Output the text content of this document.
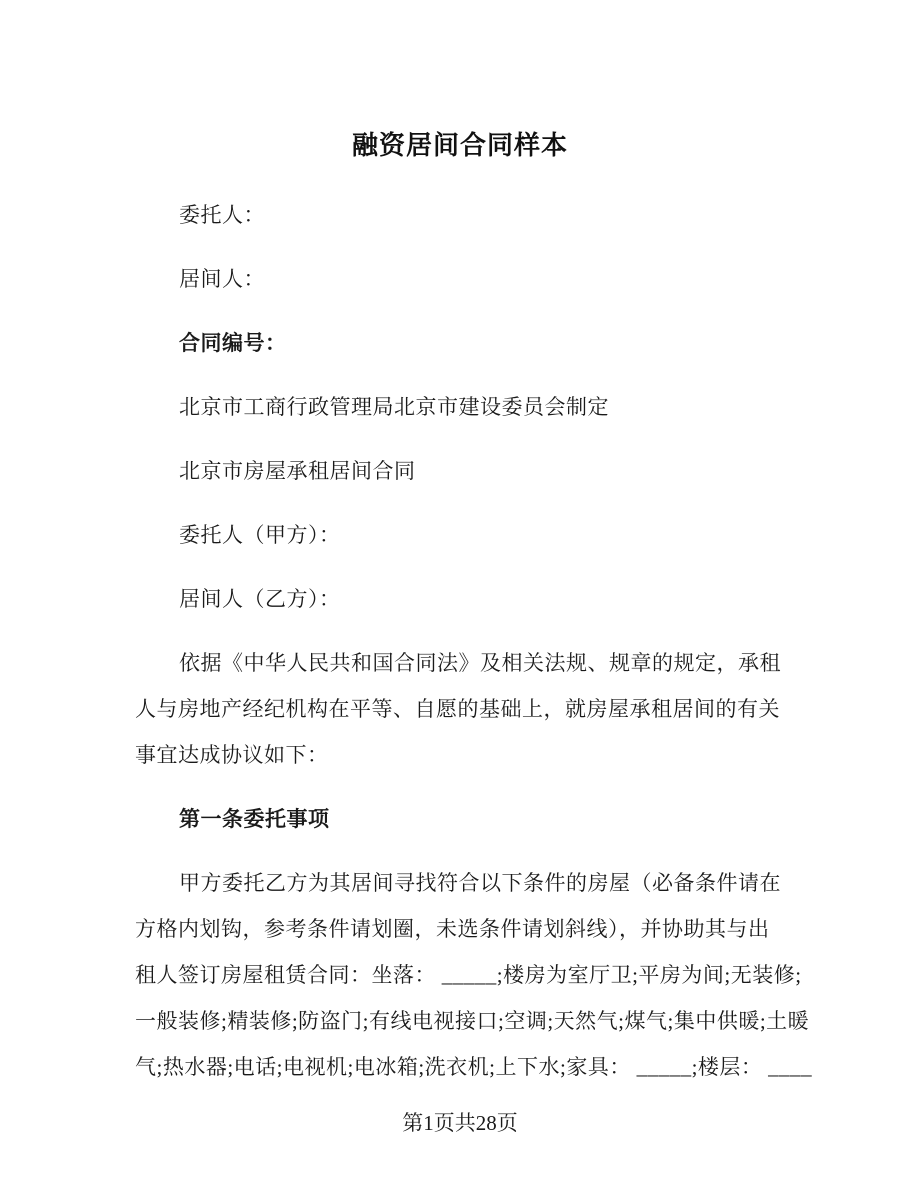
融资居间合同样本
委托人：
居间人：
合同编号：
北京市工商行政管理局北京市建设委员会制定
北京市房屋承租居间合同
委托人（甲方）：
居间人（乙方）：
依据《中华人民共和国合同法》及相关法规、规章的规定，承租
人与房地产经纪机构在平等、自愿的基础上，就房屋承租居间的有关
事宜达成协议如下：
第一条委托事项
甲方委托乙方为其居间寻找符合以下条件的房屋（必备条件请在
方格内划钩，参考条件请划圈，未选条件请划斜线），并协助其与出
租人签订房屋租赁合同：坐落： _____;楼房为室厅卫;平房为间;无装修;
一般装修;精装修;防盗门;有线电视接口;空调;天然气;煤气;集中供暖;土暖
气;热水器;电话;电视机;电冰箱;洗衣机;上下水;家具： _____;楼层： ____
第1页共28页
